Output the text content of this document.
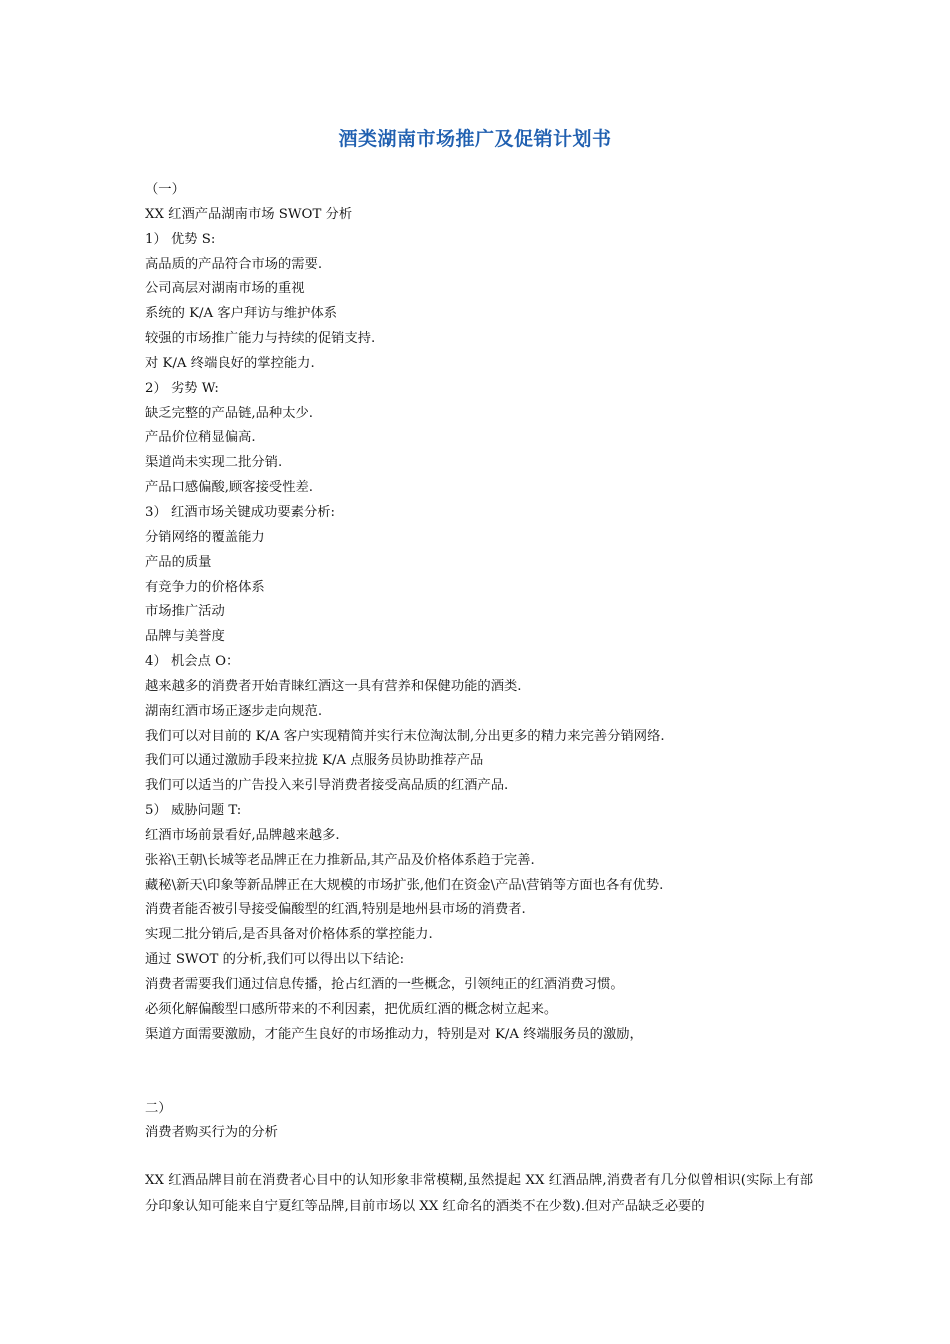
酒类湖南市场推广及促销计划书
（一）
XX 红酒产品湖南市场 SWOT 分析
1） 优势 S:
高品质的产品符合市场的需要.
公司高层对湖南市场的重视
系统的 K/A 客户拜访与维护体系
较强的市场推广能力与持续的促销支持.
对 K/A 终端良好的掌控能力.
2） 劣势 W:
缺乏完整的产品链,品种太少.
产品价位稍显偏高.
渠道尚未实现二批分销.
产品口感偏酸,顾客接受性差.
3） 红酒市场关键成功要素分析:
分销网络的覆盖能力
产品的质量
有竞争力的价格体系
市场推广活动
品牌与美誉度
4） 机会点 O：
越来越多的消费者开始青睐红酒这一具有营养和保健功能的酒类.
湖南红酒市场正逐步走向规范.
我们可以对目前的 K/A 客户实现精简并实行末位淘汰制,分出更多的精力来完善分销网络.
我们可以通过激励手段来拉拢 K/A 点服务员协助推荐产品
我们可以适当的广告投入来引导消费者接受高品质的红酒产品.
5） 威胁问题 T:
红酒市场前景看好,品牌越来越多.
张裕\王朝\长城等老品牌正在力推新品,其产品及价格体系趋于完善.
藏秘\新天\印象等新品牌正在大规模的市场扩张,他们在资金\产品\营销等方面也各有优势.
消费者能否被引导接受偏酸型的红酒,特别是地州县市场的消费者.
实现二批分销后,是否具备对价格体系的掌控能力.
通过 SWOT 的分析,我们可以得出以下结论:
消费者需要我们通过信息传播，抢占红酒的一些概念，引领纯正的红酒消费习惯。
必须化解偏酸型口感所带来的不利因素，把优质红酒的概念树立起来。
渠道方面需要激励，才能产生良好的市场推动力，特别是对 K/A 终端服务员的激励，
二）
消费者购买行为的分析
XX 红酒品牌目前在消费者心目中的认知形象非常模糊,虽然提起 XX 红酒品牌,消费者有几分似曾相识(实际上有部分印象认知可能来自宁夏红等品牌,目前市场以 XX 红命名的酒类不在少数).但对产品缺乏必要的
